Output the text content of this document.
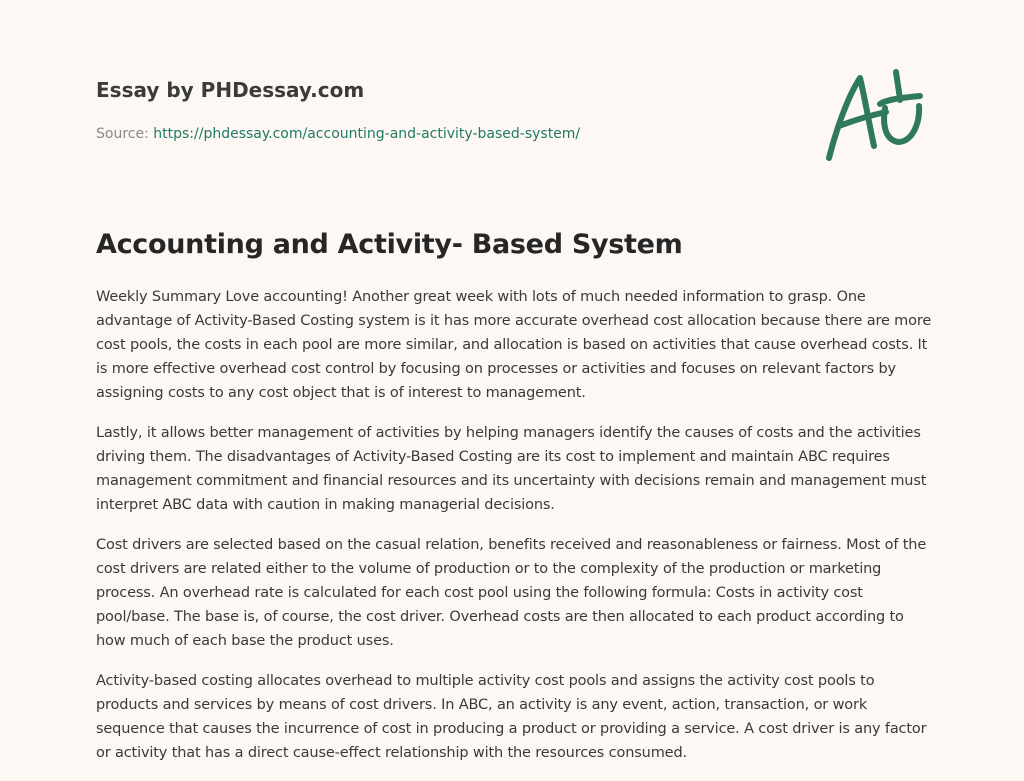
Essay by PHDessay.com

Source: https://phdessay.com/accounting-and-activity-based-system/
Accounting and Activity- Based System

Weekly Summary Love accounting! Another great week with lots of much needed information to grasp. One advantage of Activity-Based Costing system is it has more accurate overhead cost allocation because there are more cost pools, the costs in each pool are more similar, and allocation is based on activities that cause overhead costs. It is more effective overhead cost control by focusing on processes or activities and focuses on relevant factors by assigning costs to any cost object that is of interest to management.

Lastly, it allows better management of activities by helping managers identify the causes of costs and the activities driving them. The disadvantages of Activity-Based Costing are its cost to implement and maintain ABC requires management commitment and financial resources and its uncertainty with decisions remain and management must interpret ABC data with caution in making managerial decisions.

Cost drivers are selected based on the casual relation, benefits received and reasonableness or fairness. Most of the cost drivers are related either to the volume of production or to the complexity of the production or marketing process. An overhead rate is calculated for each cost pool using the following formula: Costs in activity cost pool/base. The base is, of course, the cost driver. Overhead costs are then allocated to each product according to how much of each base the product uses.

Activity-based costing allocates overhead to multiple activity cost pools and assigns the activity cost pools to products and services by means of cost drivers. In ABC, an activity is any event, action, transaction, or work sequence that causes the incurrence of cost in producing a product or providing a service. A cost driver is any factor or activity that has a direct cause-effect relationship with the resources consumed.
